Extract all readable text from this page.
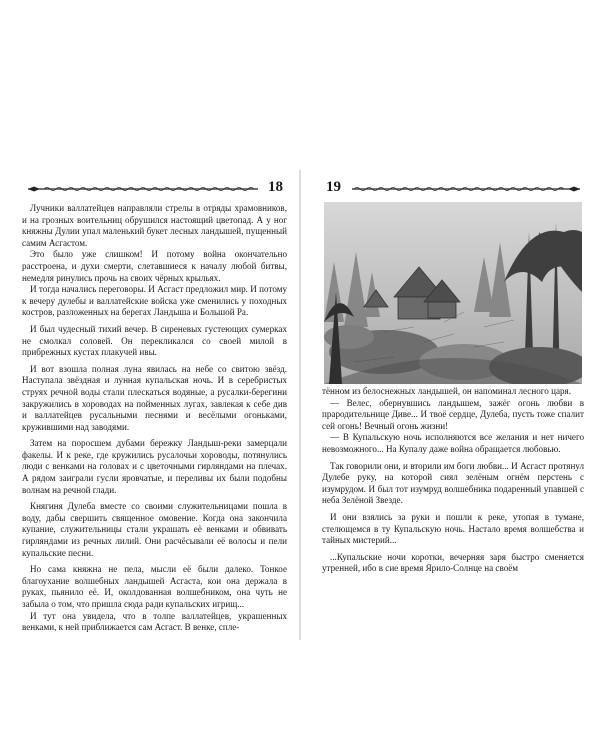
18

Лучники валлатейцев направляли стрелы в отряды храмовников, и на грозных воительниц обрушился настоящий цветопад. А у ног княжны Дулии упал маленький букет лесных ландышей, пущенный самим Асгастом.

Это было уже слишком! И потому война окончательно расстроена, и духи смерти, слетавшиеся к началу любой битвы, немедля ринулись прочь на своих чёрных крыльях.

И тогда начались переговоры. И Асгаст предложил мир. И потому к вечеру дулебы и валлатейские войска уже сменились у походных костров, разложенных на берегах Ландыша и Большой Ра.

И был чудесный тихий вечер. В сиреневых густеющих сумерках не смолкал соловей. Он перекликался со своей милой в прибрежных кустах плакучей ивы.

И вот взошла полная луна явилась на небе со свитою звёзд. Наступала звёздная и лунная купальская ночь. И в серебристых струях речной воды стали плескаться водяные, а русалки-берегини закружились в хороводах на пойменных лугах, завлекая к себе див и валлатейцев русальными песнями и весёлыми огоньками, кружившими над заводями.

Затем на поросшем дубами бережку Ландыш-реки замерцали факелы. И к реке, где кружились русалочьи хороводы, потянулись люди с венками на головах и с цветочными гирляндами на плечах. А рядом заиграли гусли яровчатые, и переливы их были подобны волнам на речной глади.

Княгиня Дулеба вместе со своими служительницами пошла в воду, дабы свершить священное омовение. Когда она закончила купание, служительницы стали украшать её венками и обвивать гирляндами из речных лилий. Они расчёсывали её волосы и пели купальские песни.

Но сама княжна не пела, мысли её были далеко. Тонкое благоухание волшебных ландышей Асгаста, кои она держала в руках, пьянило её. И, околдованная волшебником, она чуть не забыла о том, что пришла сюда ради купальских игрищ...

И тут она увидела, что в толпе валлатейцев, украшенных венками, к ней приближается сам Асгаст. В венке, спле-

19

тённом из белоснежных ландышей, он напоминал лесного царя.

— Велес, обернувшись ландышем, зажёг огонь любви в прародительнице Диве... И твоё сердце, Дулеба, пусть тоже спалит сей огонь! Вечный огонь жизни!

— В Купальскую ночь исполняются все желания и нет ничего невозможного... На Купалу даже война обращается любовью.

Так говорили они, и вторили им боги любви... И Асгаст протянул Дулебе руку, на которой сиял зелёным огнём перстень с изумрудом. И был тот изумруд волшебника подаренный упавшей с неба Зелёной Звезде.

И они взялись за руки и пошли к реке, утопая в тумане, стелющемся в ту Купальскую ночь. Настало время волшебства и тайных мистерий...

...Купальские ночи коротки, вечерняя заря быстро сменяется утренней, ибо в сие время Ярило-Солнце на своём
